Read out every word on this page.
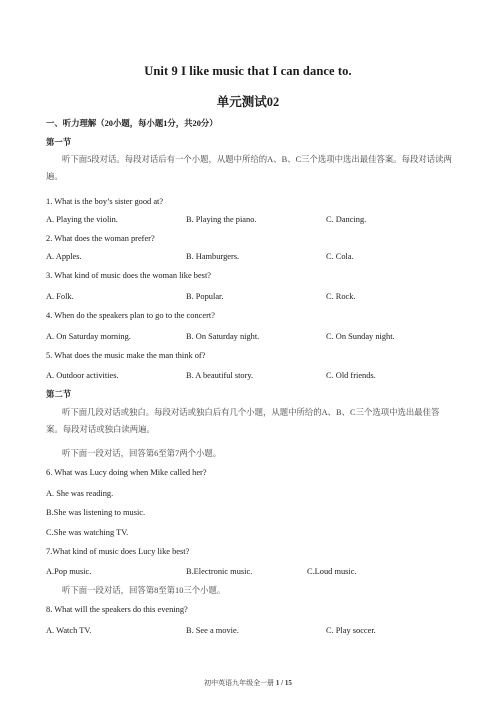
Unit 9 I like music that I can dance to.
单元测试02
一、听力理解（20小题，每小题1分，共20分）
第一节
听下面5段对话。每段对话后有一个小题，从题中所给的A、B、C三个选项中选出最佳答案。每段对话读两遍。
1. What is the boy’s sister good at?
A. Playing the violin.	B. Playing the piano.	C. Dancing.
2. What does the woman prefer?
A. Apples.	B. Hamburgers.	C. Cola.
3. What kind of music does the woman like best?
A. Folk.	B. Popular.	C. Rock.
4. When do the speakers plan to go to the concert?
A. On Saturday morning.	B. On Saturday night.	C. On Sunday night.
5. What does the music make the man think of?
A. Outdoor activities.	B. A beautiful story.	C. Old friends.
第二节
听下面几段对话或独白。每段对话或独白后有几个小题，从题中所给的A、B、C三个选项中选出最佳答案。每段对话或独白读两遍。
听下面一段对话，回答第6至第7两个小题。
6. What was Lucy doing when Mike called her?
A. She was reading.
B.She was listening to music.
C.She was watching TV.
7.What kind of music does Lucy like best?
A.Pop music.	B.Electronic music.	C.Loud music.
听下面一段对话，回答第8至第10三个小题。
8. What will the speakers do this evening?
A. Watch TV.	B. See a movie.	C. Play soccer.
初中英语九年级全一册 1 / 15
